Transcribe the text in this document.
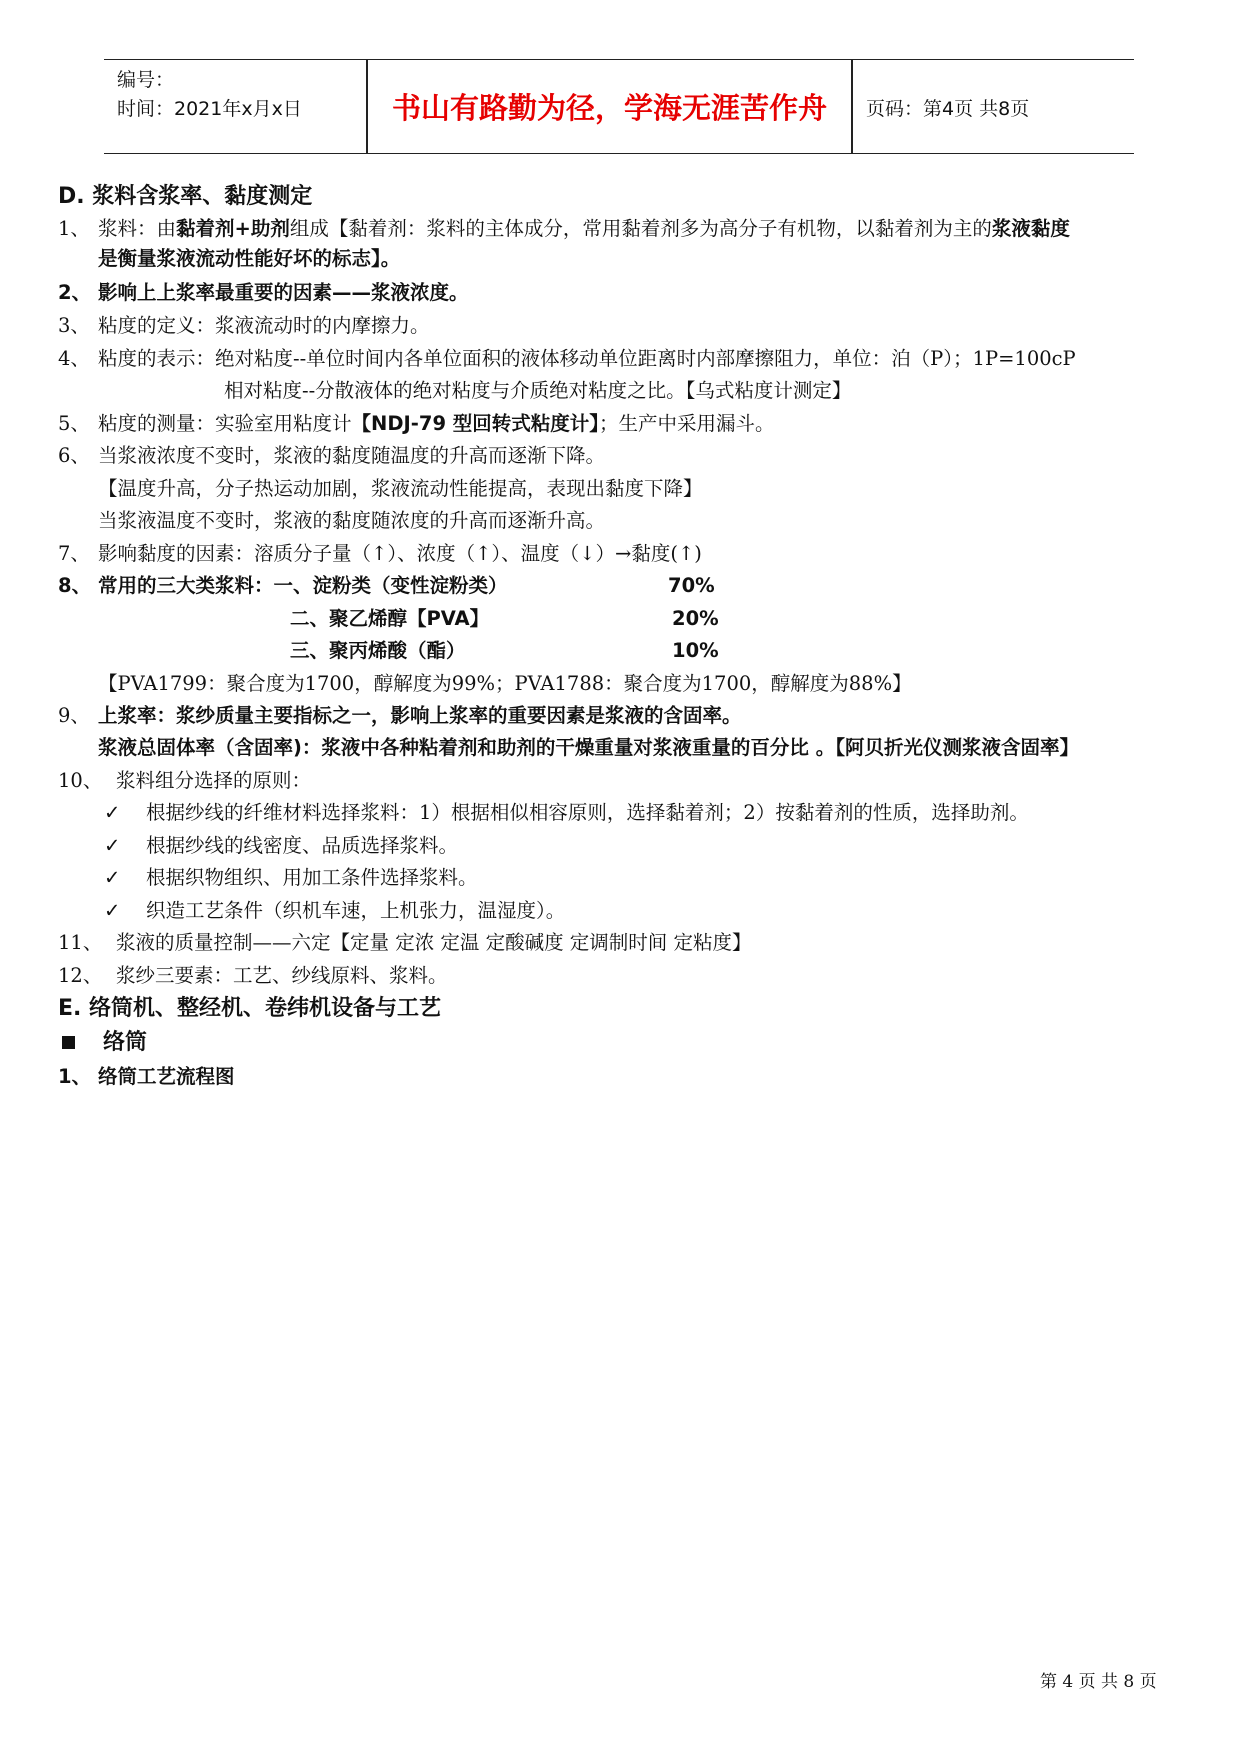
编号：
时间：2021年x月x日	书山有路勤为径，学海无涯苦作舟	页码：第4页 共8页
D. 浆料含浆率、黏度测定
1、 浆料：由黏着剂+助剂组成【黏着剂：浆料的主体成分，常用黏着剂多为高分子有机物，以黏着剂为主的浆液黏度
是衡量浆液流动性能好坏的标志】。
2、 影响上上浆率最重要的因素——浆液浓度。
3、 粘度的定义：浆液流动时的内摩擦力。
4、 粘度的表示：绝对粘度--单位时间内各单位面积的液体移动单位距离时内部摩擦阻力，单位：泊（P）；1P=100cP
相对粘度--分散液体的绝对粘度与介质绝对粘度之比。【乌式粘度计测定】
5、 粘度的测量：实验室用粘度计【NDJ-79 型回转式粘度计】；生产中采用漏斗。
6、 当浆液浓度不变时，浆液的黏度随温度的升高而逐渐下降。
【温度升高，分子热运动加剧，浆液流动性能提高，表现出黏度下降】
当浆液温度不变时，浆液的黏度随浓度的升高而逐渐升高。
7、 影响黏度的因素：溶质分子量（↑）、浓度（↑）、温度（↓）→黏度(↑)
8、 常用的三大类浆料：一、淀粉类（变性淀粉类）	70%
二、聚乙烯醇【PVA】	20%
三、聚丙烯酸（酯）	10%
【PVA1799：聚合度为1700，醇解度为99%；PVA1788：聚合度为1700，醇解度为88%】
9、 上浆率：浆纱质量主要指标之一，影响上浆率的重要因素是浆液的含固率。
浆液总固体率（含固率)：浆液中各种粘着剂和助剂的干燥重量对浆液重量的百分比 。【阿贝折光仪测浆液含固率】
10、 浆料组分选择的原则：
✓ 根据纱线的纤维材料选择浆料：1）根据相似相容原则，选择黏着剂；2）按黏着剂的性质，选择助剂。
✓ 根据纱线的线密度、品质选择浆料。
✓ 根据织物组织、用加工条件选择浆料。
✓ 织造工艺条件（织机车速，上机张力，温湿度）。
11、 浆液的质量控制——六定【定量 定浓 定温 定酸碱度 定调制时间 定粘度】
12、 浆纱三要素：工艺、纱线原料、浆料。
E. 络筒机、整经机、卷纬机设备与工艺
络筒
1、 络筒工艺流程图
第 4 页 共 8 页
